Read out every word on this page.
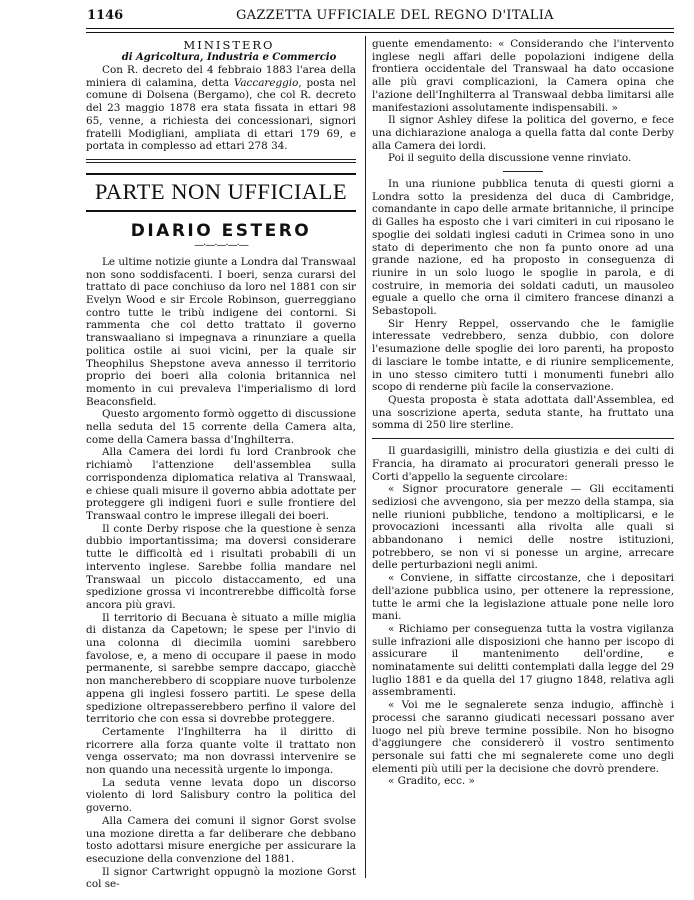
1146	GAZZETTA UFFICIALE DEL REGNO D'ITALIA

MINISTERO

di Agricoltura, Industria e Commercio

Con R. decreto del 4 febbraio 1883 l'area della miniera di calamina, detta Vaccareggio, posta nel comune di Dolsena (Bergamo), che col R. decreto del 23 maggio 1878 era stata fissata in ettari 98 65, venne, a richiesta dei concessionari, signori fratelli Modigliani, ampliata di ettari 179 69, e portata in complesso ad ettari 278 34.

PARTE NON UFFICIALE
DIARIO ESTERO
—·—·—·—·—

Le ultime notizie giunte a Londra dal Transwaal non sono soddisfacenti. I boeri, senza curarsi del trattato di pace conchiuso da loro nel 1881 con sir Evelyn Wood e sir Ercole Robinson, guerreggiano contro tutte le tribù indigene dei contorni. Si rammenta che col detto trattato il governo transwaaliano si impegnava a rinunziare a quella politica ostile ai suoi vicini, per la quale sir Theophilus Shepstone aveva annesso il territorio proprio dei boeri alla colonia britannica nel momento in cui prevaleva l'imperialismo di lord Beaconsfield.

Questo argomento formò oggetto di discussione nella seduta del 15 corrente della Camera alta, come della Camera bassa d'Inghilterra.

Alla Camera dei lordi fu lord Cranbrook che richiamò l'attenzione dell'assemblea sulla corrispondenza diplomatica relativa al Transwaal, e chiese quali misure il governo abbia adottate per proteggere gli indigeni fuori e sulle frontiere del Transwaal contro le imprese illegali dei boeri.

Il conte Derby rispose che la questione è senza dubbio importantissima; ma doversi considerare tutte le difficoltà ed i risultati probabili di un intervento inglese. Sarebbe follia mandare nel Transwaal un piccolo distaccamento, ed una spedizione grossa vi incontrerebbe difficoltà forse ancora più gravi.

Il territorio di Becuana è situato a mille miglia di distanza da Capetown; le spese per l'invio di una colonna di diecimila uomini sarebbero favolose, e, a meno di occupare il paese in modo permanente, si sarebbe sempre daccapo, giacchè non mancherebbero di scoppiare nuove turbolenze appena gli inglesi fossero partiti. Le spese della spedizione oltrepasserebbero perfino il valore del territorio che con essa si dovrebbe proteggere.

Certamente l'Inghilterra ha il diritto di ricorrere alla forza quante volte il trattato non venga osservato; ma non dovrassi intervenire se non quando una necessità urgente lo imponga.

La seduta venne levata dopo un discorso violento di lord Salisbury contro la politica del governo.

Alla Camera dei comuni il signor Gorst svolse una mozione diretta a far deliberare che debbano tosto adottarsi misure energiche per assicurare la esecuzione della convenzione del 1881.

Il signor Cartwright oppugnò la mozione Gorst col se-

guente emendamento: « Considerando che l'intervento inglese negli affari delle popolazioni indigene della frontiera occidentale del Transwaal ha dato occasione alle più gravi complicazioni, la Camera opina che l'azione dell'Inghilterra al Transwaal debba limitarsi alle manifestazioni assolutamente indispensabili. »

Il signor Ashley difese la politica del governo, e fece una dichiarazione analoga a quella fatta dal conte Derby alla Camera dei lordi.

Poi il seguito della discussione venne rinviato.

In una riunione pubblica tenuta di questi giorni a Londra sotto la presidenza del duca di Cambridge, comandante in capo delle armate britanniche, il principe di Galles ha esposto che i vari cimiteri in cui riposano le spoglie dei soldati inglesi caduti in Crimea sono in uno stato di deperimento che non fa punto onore ad una grande nazione, ed ha proposto in conseguenza di riunire in un solo luogo le spoglie in parola, e di costruire, in memoria dei soldati caduti, un mausoleo eguale a quello che orna il cimitero francese dinanzi a Sebastopoli.

Sir Henry Reppel, osservando che le famiglie interessate vedrebbero, senza dubbio, con dolore l'esumazione delle spoglie dei loro parenti, ha proposto di lasciare le tombe intatte, e di riunire semplicemente, in uno stesso cimitero tutti i monumenti funebri allo scopo di renderne più facile la conservazione.

Questa proposta è stata adottata dall'Assemblea, ed una soscrizione aperta, seduta stante, ha fruttato una somma di 250 lire sterline.

Il guardasigilli, ministro della giustizia e dei culti di Francia, ha diramato ai procuratori generali presso le Corti d'appello la seguente circolare:

« Signor procuratore generale — Gli eccitamenti sediziosi che avvengono, sia per mezzo della stampa, sia nelle riunioni pubbliche, tendono a moltiplicarsi, e le provocazioni incessanti alla rivolta alle quali si abbandonano i nemici delle nostre istituzioni, potrebbero, se non vi si ponesse un argine, arrecare delle perturbazioni negli animi.

« Conviene, in siffatte circostanze, che i depositari dell'azione pubblica usino, per ottenere la repressione, tutte le armi che la legislazione attuale pone nelle loro mani.

« Richiamo per conseguenza tutta la vostra vigilanza sulle infrazioni alle disposizioni che hanno per iscopo di assicurare il mantenimento dell'ordine, e nominatamente sui delitti contemplati dalla legge del 29 luglio 1881 e da quella del 17 giugno 1848, relativa agli assembramenti.

« Voi me le segnalerete senza indugio, affinchè i processi che saranno giudicati necessari possano aver luogo nel più breve termine possibile. Non ho bisogno d'aggiungere che considererò il vostro sentimento personale sui fatti che mi segnalerete come uno degli elementi più utili per la decisione che dovrò prendere.

« Gradito, ecc. »
